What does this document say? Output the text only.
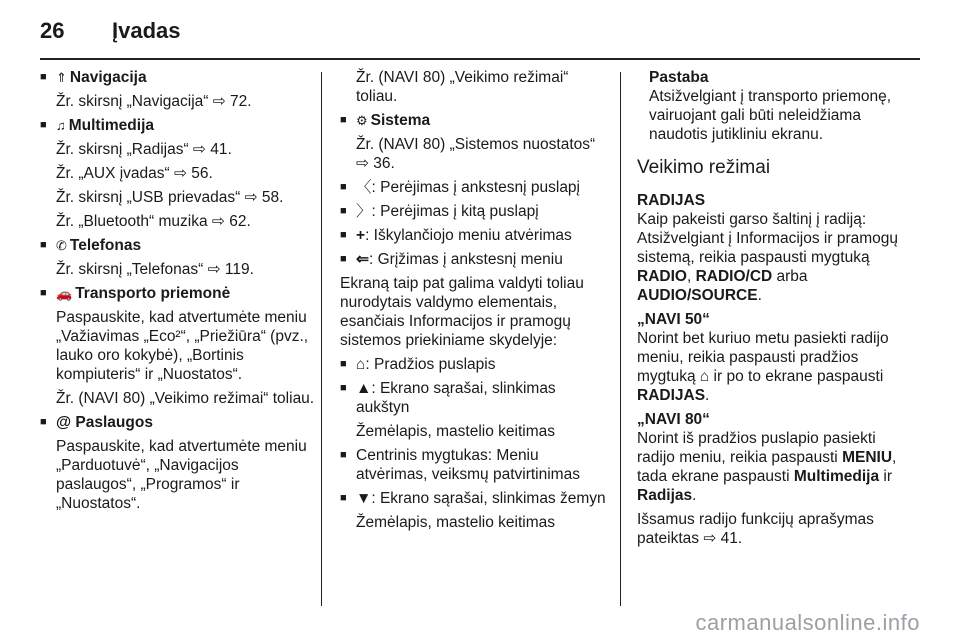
26 Įvadas
■ ⇑ Navigacija
Žr. skirsnį „Navigacija“ ⇨ 72.
■ ♫ Multimedija
Žr. skirsnį „Radijas“ ⇨ 41.
Žr. „AUX įvadas“ ⇨ 56.
Žr. skirsnį „USB prievadas“ ⇨ 58.
Žr. „Bluetooth“ muzika ⇨ 62.
■ ✆ Telefonas
Žr. skirsnį „Telefonas“ ⇨ 119.
■ 🚗 Transporto priemonė
Paspauskite, kad atvertumėte meniu „Važiavimas „Eco²“, „Priežiūra“ (pvz., lauko oro kokybė), „Bortinis kompiuteris“ ir „Nuostatos“.
Žr. (NAVI 80) „Veikimo režimai“ toliau.
■ @ Paslaugos
Paspauskite, kad atvertumėte meniu „Parduotuvė“, „Navigacijos paslaugos“, „Programos“ ir „Nuostatos“.
Žr. (NAVI 80) „Veikimo režimai“ toliau.
■ ⚙ Sistema
Žr. (NAVI 80) „Sistemos nuostatos“ ⇨ 36.
■ 〈: Perėjimas į ankstesnį puslapį
■ 〉: Perėjimas į kitą puslapį
■ +: Iškylančiojo meniu atvėrimas
■ ⇐: Grįžimas į ankstesnį meniu
Ekraną taip pat galima valdyti toliau nurodytais valdymo elementais, esančiais Informacijos ir pramogų sistemos priekiniame skydelyje:
■ ⌂: Pradžios puslapis
■ ▲: Ekrano sąrašai, slinkimas aukštyn
Žemėlapis, mastelio keitimas
■ Centrinis mygtukas: Meniu atvėrimas, veiksmų patvirtinimas
■ ▼: Ekrano sąrašai, slinkimas žemyn
Žemėlapis, mastelio keitimas
Pastaba
Atsižvelgiant į transporto priemonę, vairuojant gali būti neleidžiama naudotis jutikliniu ekranu.
Veikimo režimai
RADIJAS
Kaip pakeisti garso šaltinį į radiją: Atsižvelgiant į Informacijos ir pramogų sistemą, reikia paspausti mygtuką RADIO, RADIO/CD arba AUDIO/SOURCE.
„NAVI 50“
Norint bet kuriuo metu pasiekti radijo meniu, reikia paspausti pradžios mygtuką ⌂ ir po to ekrane paspausti RADIJAS.
„NAVI 80“
Norint iš pradžios puslapio pasiekti radijo meniu, reikia paspausti MENIU, tada ekrane paspausti Multimedija ir Radijas.
Išsamus radijo funkcijų aprašymas pateiktas ⇨ 41.
carmanualsonline.info
